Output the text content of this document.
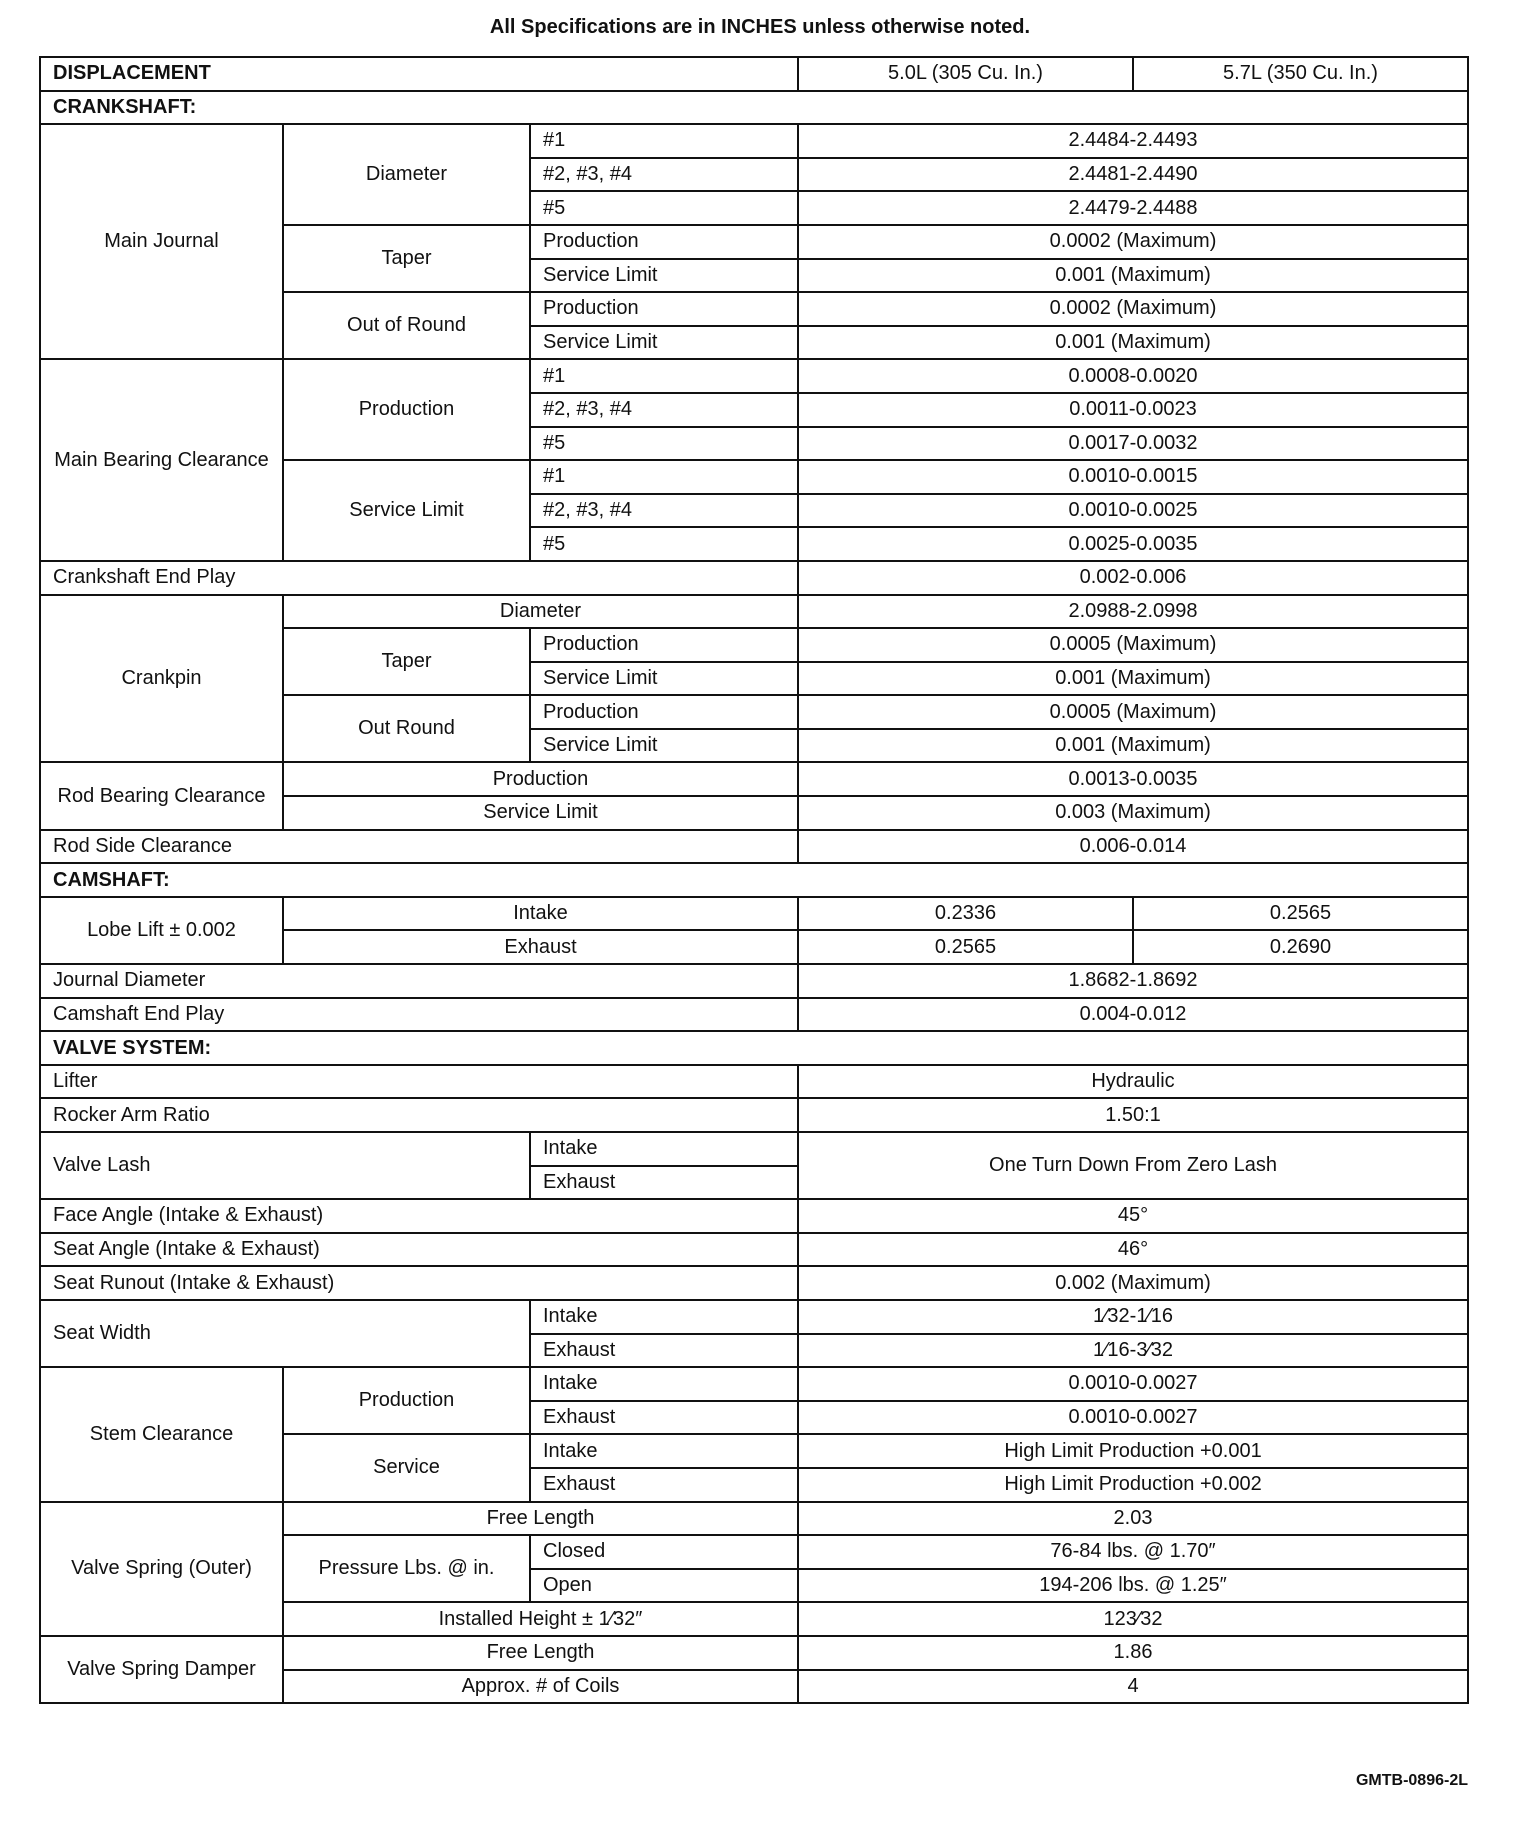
All Specifications are in INCHES unless otherwise noted.
DISPLACEMENT			5.0L (305 Cu. In.)	5.7L (350 Cu. In.)
CRANKSHAFT:				
Main Journal	Diameter	#1	2.4484-2.4493	
		#2, #3, #4	2.4481-2.4490	
		#5	2.4479-2.4488	
	Taper	Production	0.0002 (Maximum)	
		Service Limit	0.001 (Maximum)	
	Out of Round	Production	0.0002 (Maximum)	
		Service Limit	0.001 (Maximum)	
Main Bearing Clearance	Production	#1	0.0008-0.0020	
		#2, #3, #4	0.0011-0.0023	
		#5	0.0017-0.0032	
	Service Limit	#1	0.0010-0.0015	
		#2, #3, #4	0.0010-0.0025	
		#5	0.0025-0.0035	
Crankshaft End Play			0.002-0.006	
Crankpin	Diameter		2.0988-2.0998	
	Taper	Production	0.0005 (Maximum)	
		Service Limit	0.001 (Maximum)	
	Out Round	Production	0.0005 (Maximum)	
		Service Limit	0.001 (Maximum)	
Rod Bearing Clearance	Production		0.0013-0.0035	
	Service Limit		0.003 (Maximum)	
Rod Side Clearance			0.006-0.014	
CAMSHAFT:				
Lobe Lift ± 0.002	Intake		0.2336	0.2565
	Exhaust		0.2565	0.2690
Journal Diameter			1.8682-1.8692	
Camshaft End Play			0.004-0.012	
VALVE SYSTEM:				
Lifter			Hydraulic	
Rocker Arm Ratio			1.50:1	
Valve Lash		Intake	One Turn Down From Zero Lash	
		Exhaust		
Face Angle (Intake & Exhaust)			45°	
Seat Angle (Intake & Exhaust)			46°	
Seat Runout (Intake & Exhaust)			0.002 (Maximum)	
Seat Width		Intake	1⁄32-1⁄16	
		Exhaust	1⁄16-3⁄32	
Stem Clearance	Production	Intake	0.0010-0.0027	
		Exhaust	0.0010-0.0027	
	Service	Intake	High Limit Production +0.001	
		Exhaust	High Limit Production +0.002	
Valve Spring (Outer)	Free Length		2.03	
	Pressure Lbs. @ in.	Closed	76-84 lbs. @ 1.70″	
		Open	194-206 lbs. @ 1.25″	
	Installed Height ± 1⁄32″		123⁄32	
Valve Spring Damper	Free Length		1.86	
	Approx. # of Coils		4	
GMTB-0896-2L
